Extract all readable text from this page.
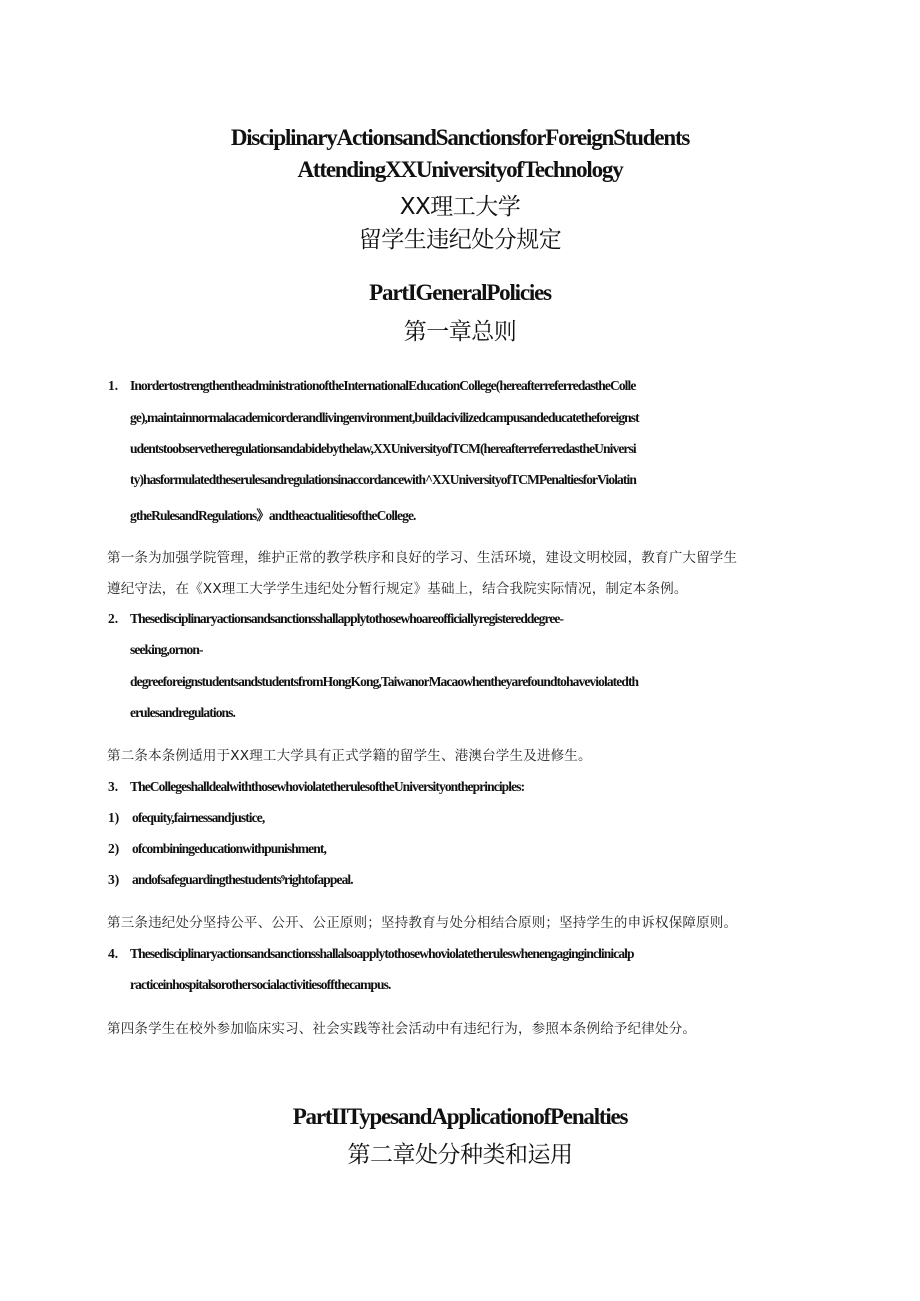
DisciplinaryActionsandSanctionsforForeignStudents
AttendingXXUniversityofTechnology
XX理工大学
留学生违纪处分规定
PartIGeneralPolicies
第一章总则
1. InordertostrengthentheadministrationoftheInternationalEducationCollege(hereafterreferredastheColle
ge),maintainnormalacademicorderandlivingenvironment,buildacivilizedcampusandeducatetheforeignst
udentstoobservetheregulationsandabidebythelaw,XXUniversityofTCM(hereafterreferredastheUniversi
ty)hasformulatedtheserulesandregulationsinaccordancewith^XXUniversityofTCMPenaltiesforViolatin
gtheRulesandRegulations》andtheactualitiesoftheCollege.
第一条为加强学院管理，维护正常的教学秩序和良好的学习、生活环境，建设文明校园，教育广大留学生
遵纪守法，在《XX理工大学学生违纪处分暂行规定》基础上，结合我院实际情况，制定本条例。
2. Thesedisciplinaryactionsandsanctionsshallapplytothosewhoareofficiallyregistereddegree-
seeking,ornon-
degreeforeignstudentsandstudentsfromHongKong,TaiwanorMacaowhentheyarefoundtohaveviolatedth
erulesandregulations.
第二条本条例适用于XX理工大学具有正式学籍的留学生、港澳台学生及进修生。
3. TheCollegeshalldealwiththosewhoviolatetherulesoftheUniversityontheprinciples:
1) ofequity,fairnessandjustice,
2) ofcombiningeducationwithpunishment,
3) andofsafeguardingthestudents⁹rightofappeal.
第三条违纪处分坚持公平、公开、公正原则；坚持教育与处分相结合原则；坚持学生的申诉权保障原则。
4. Thesedisciplinaryactionsandsanctionsshallalsoapplytothosewhoviolatetheruleswhenengaginginclinicalp
racticeinhospitalsorothersocialactivitiesoffthecampus.
第四条学生在校外参加临床实习、社会实践等社会活动中有违纪行为，参照本条例给予纪律处分。
PartIITypesandApplicationofPenalties
第二章处分种类和运用
